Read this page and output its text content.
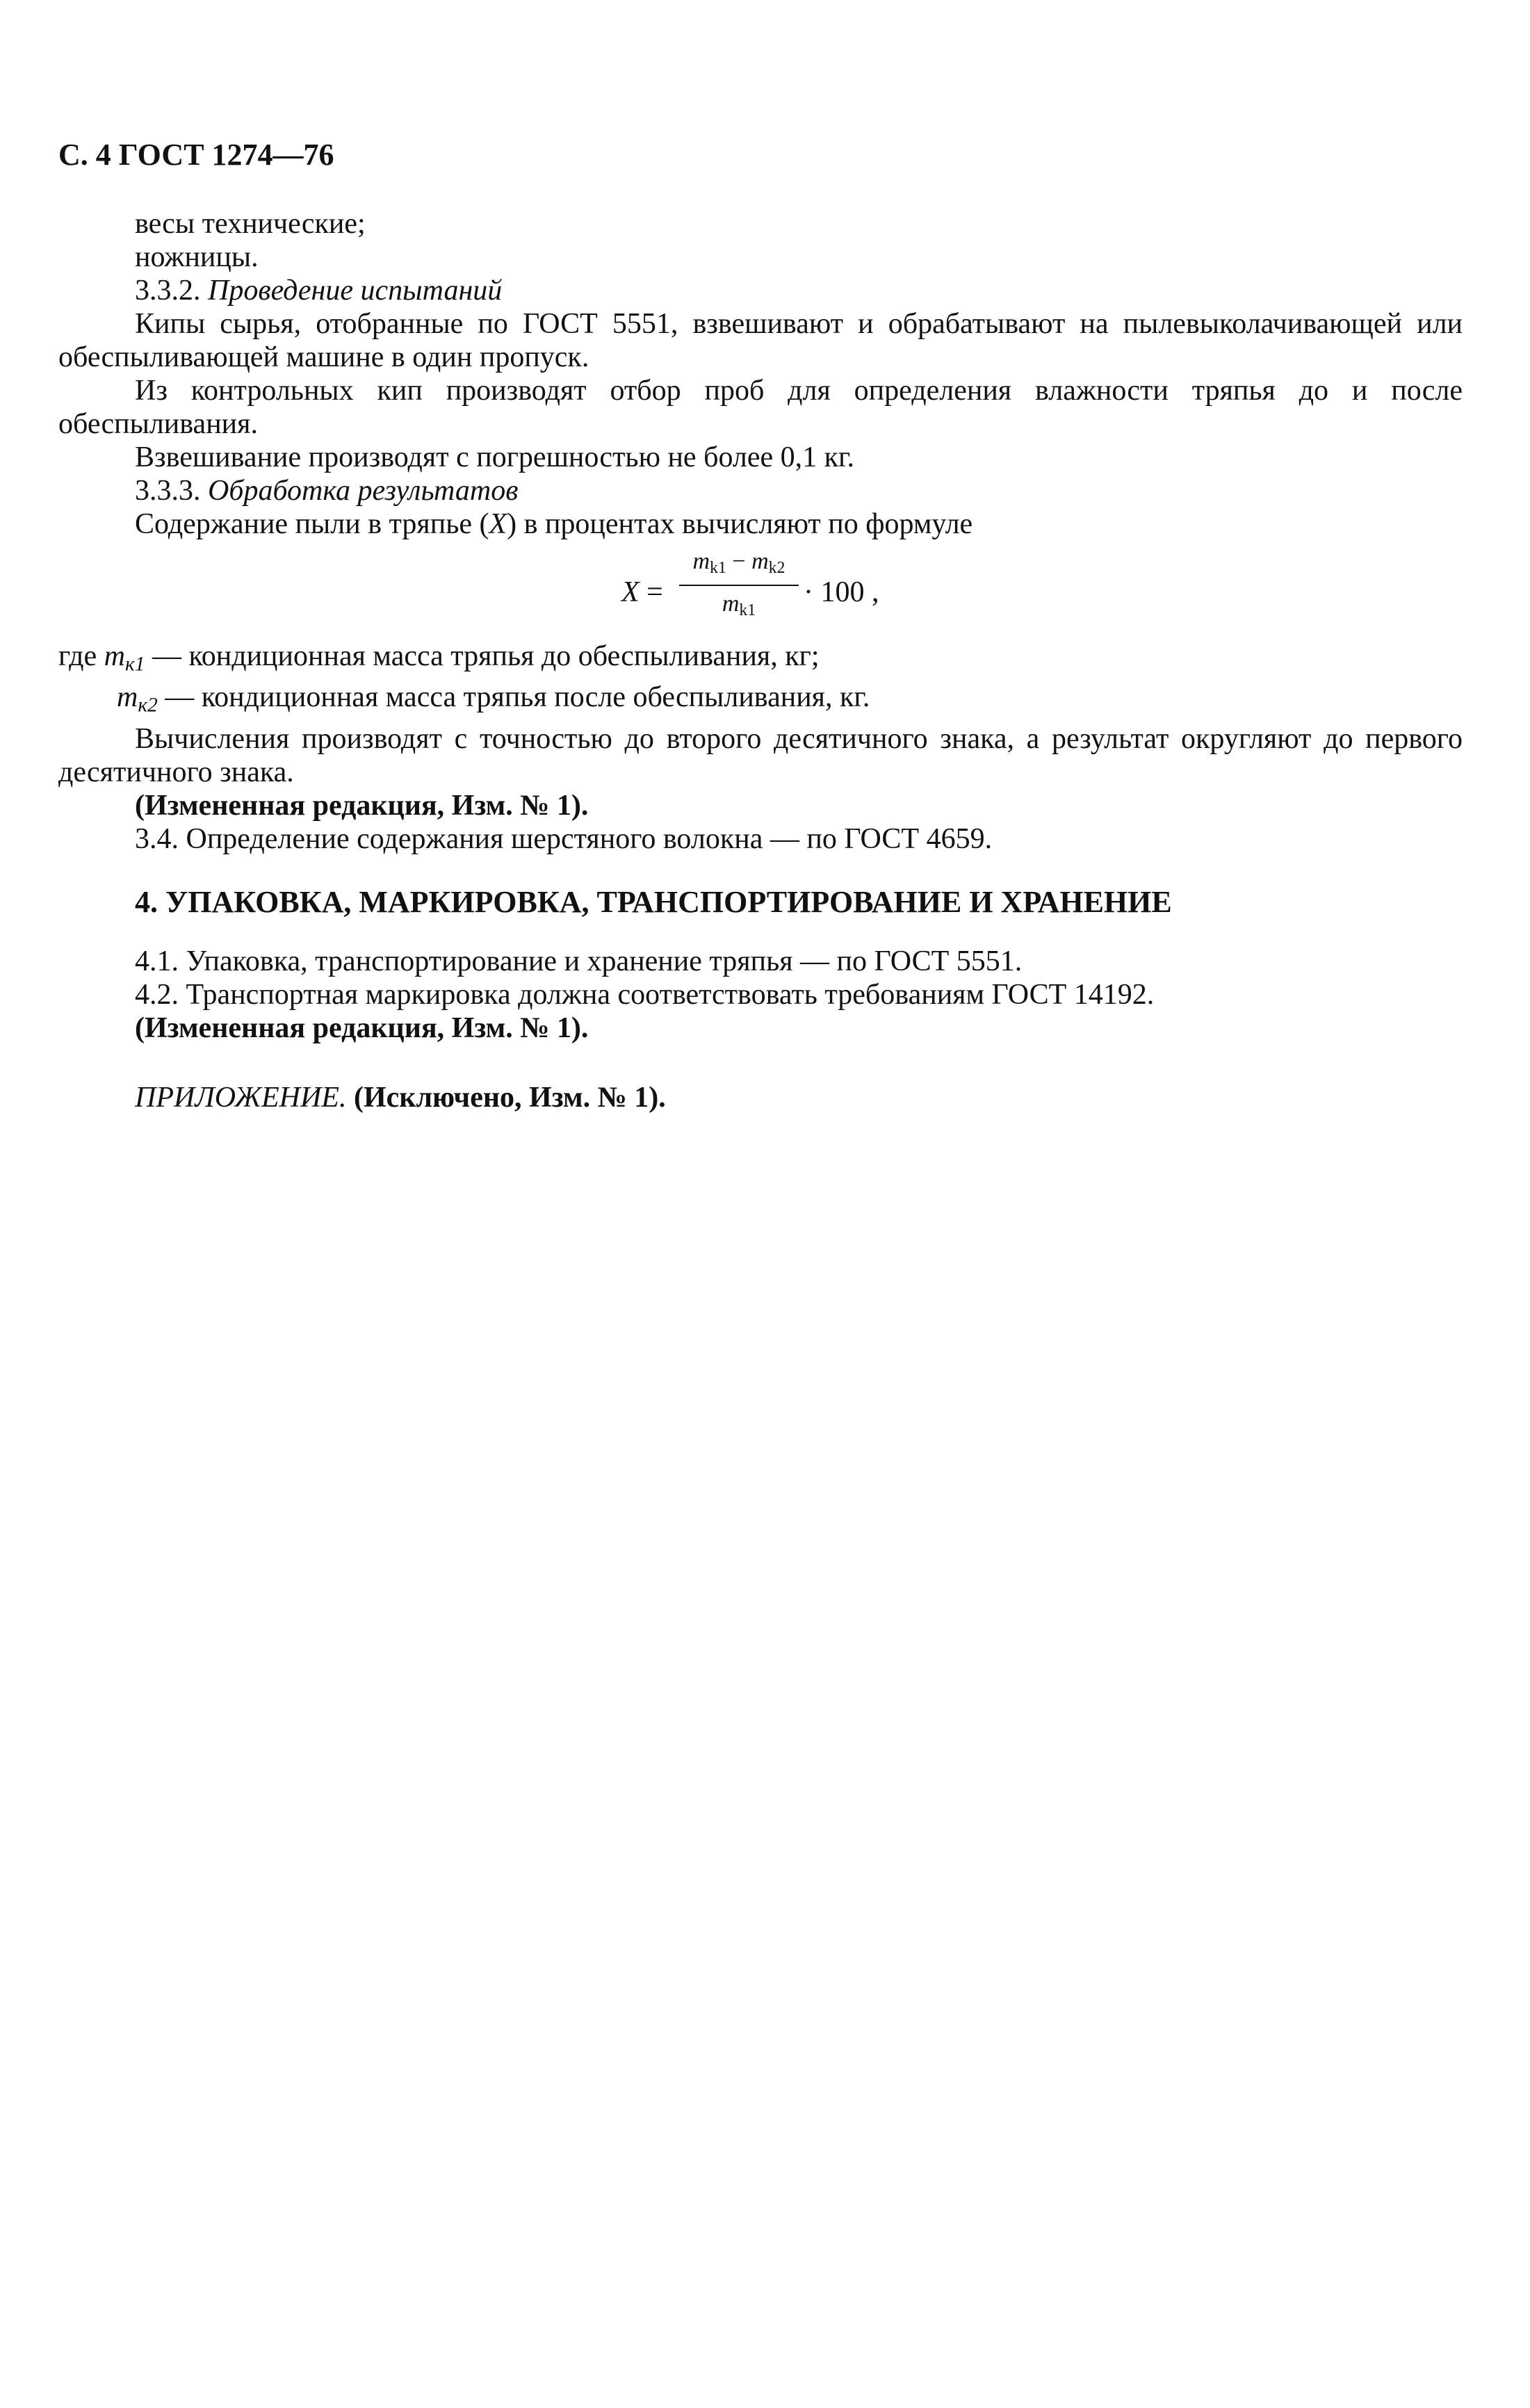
С. 4 ГОСТ 1274—76

весы технические;

ножницы.

3.3.2. Проведение испытаний

Кипы сырья, отобранные по ГОСТ 5551, взвешивают и обрабатывают на пылевыколачивающей или обеспыливающей машине в один пропуск.

Из контрольных кип производят отбор проб для определения влажности тряпья до и после обеспыливания.

Взвешивание производят с погрешностью не более 0,1 кг.

3.3.3. Обработка результатов

Содержание пыли в тряпье (X) в процентах вычисляют по формуле

X =
$m_{k1} - m_{k2}$
$m_{k1}$
· 100 ,

где mк1 — кондиционная масса тряпья до обеспыливания, кг;

mк2 — кондиционная масса тряпья после обеспыливания, кг.

Вычисления производят с точностью до второго десятичного знака, а результат округляют до первого десятичного знака.

(Измененная редакция, Изм. № 1).

3.4. Определение содержания шерстяного волокна — по ГОСТ 4659.

4. УПАКОВКА, МАРКИРОВКА, ТРАНСПОРТИРОВАНИЕ И ХРАНЕНИЕ

4.1. Упаковка, транспортирование и хранение тряпья — по ГОСТ 5551.

4.2. Транспортная маркировка должна соответствовать требованиям ГОСТ 14192.

(Измененная редакция, Изм. № 1).

ПРИЛОЖЕНИЕ. (Исключено, Изм. № 1).
